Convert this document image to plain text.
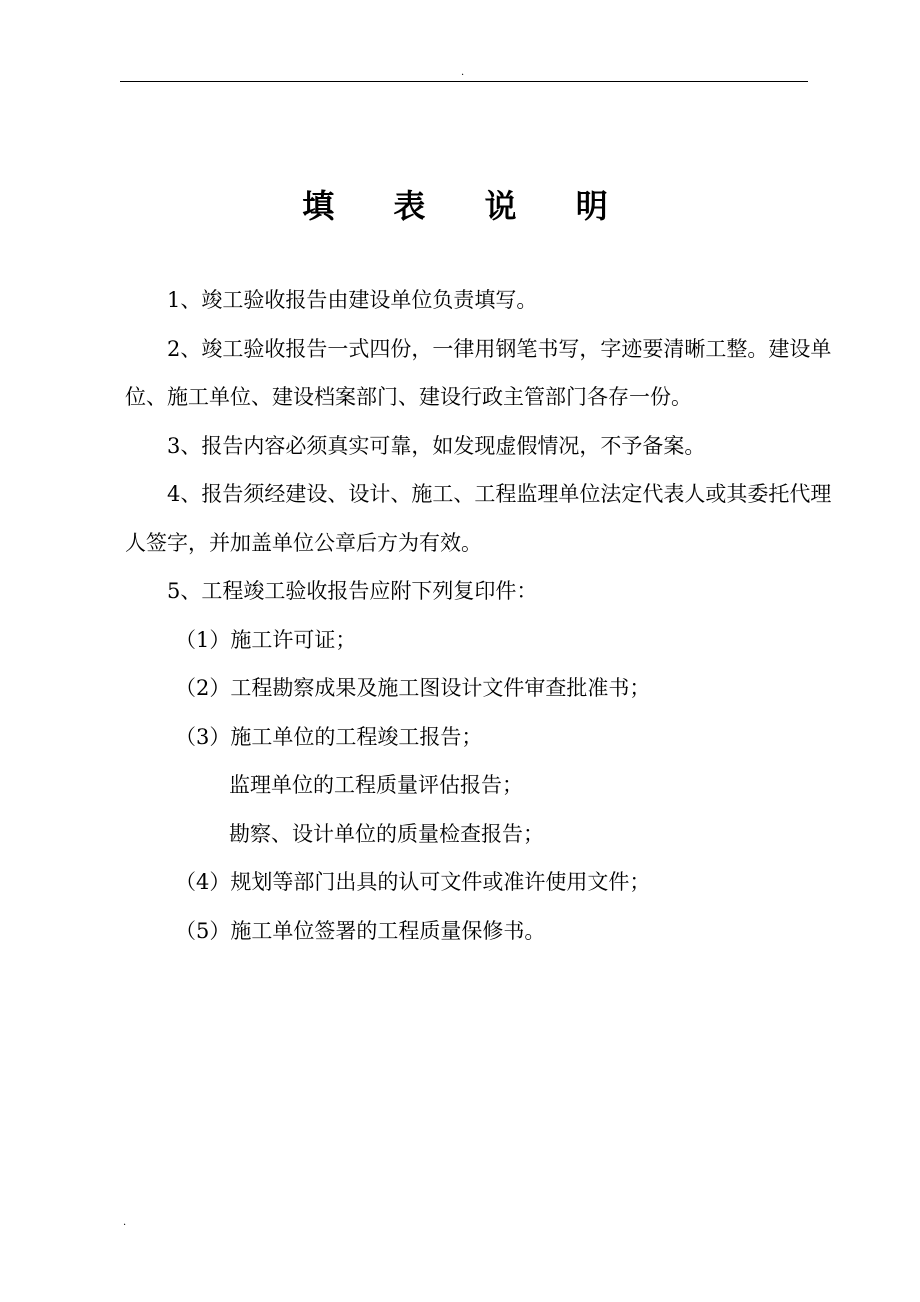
.
填 表 说 明

1、竣工验收报告由建设单位负责填写。

2、竣工验收报告一式四份，一律用钢笔书写，字迹要清晰工整。建设单位、施工单位、建设档案部门、建设行政主管部门各存一份。

3、报告内容必须真实可靠，如发现虚假情况，不予备案。

4、报告须经建设、设计、施工、工程监理单位法定代表人或其委托代理人签字，并加盖单位公章后方为有效。

5、工程竣工验收报告应附下列复印件：

（1）施工许可证；

（2）工程勘察成果及施工图设计文件审查批准书；

（3）施工单位的工程竣工报告；

监理单位的工程质量评估报告；

勘察、设计单位的质量检查报告；

（4）规划等部门出具的认可文件或准许使用文件；

（5）施工单位签署的工程质量保修书。

.
